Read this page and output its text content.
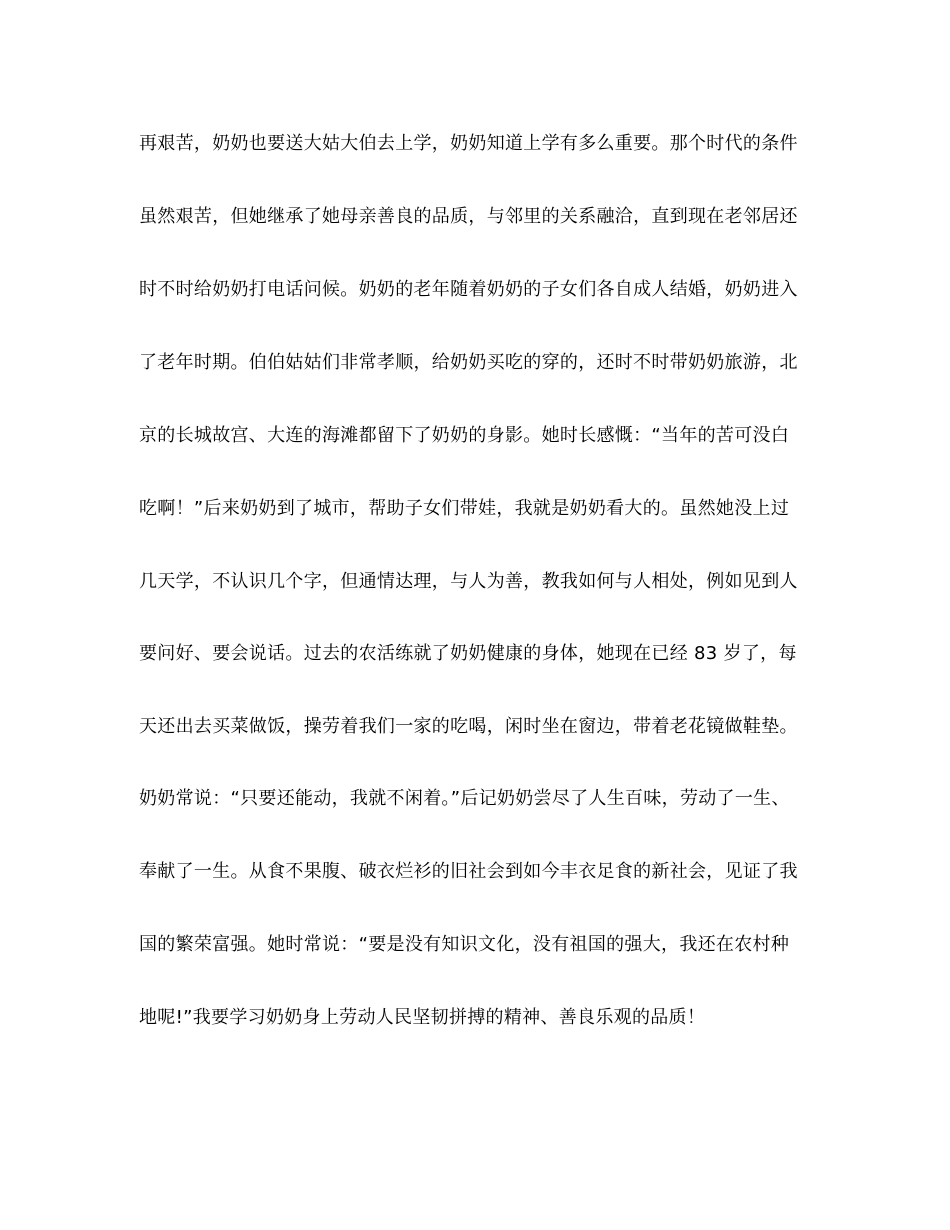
再艰苦，奶奶也要送大姑大伯去上学，奶奶知道上学有多么重要。那个时代的条件

虽然艰苦，但她继承了她母亲善良的品质，与邻里的关系融洽，直到现在老邻居还

时不时给奶奶打电话问候。奶奶的老年随着奶奶的子女们各自成人结婚，奶奶进入

了老年时期。伯伯姑姑们非常孝顺，给奶奶买吃的穿的，还时不时带奶奶旅游，北

京的长城故宫、大连的海滩都留下了奶奶的身影。她时长感慨：“当年的苦可没白

吃啊！”后来奶奶到了城市，帮助子女们带娃，我就是奶奶看大的。虽然她没上过

几天学，不认识几个字，但通情达理，与人为善，教我如何与人相处，例如见到人

要问好、要会说话。过去的农活练就了奶奶健康的身体，她现在已经 83 岁了，每

天还出去买菜做饭，操劳着我们一家的吃喝，闲时坐在窗边，带着老花镜做鞋垫。

奶奶常说：“只要还能动，我就不闲着。”后记奶奶尝尽了人生百味，劳动了一生、

奉献了一生。从食不果腹、破衣烂衫的旧社会到如今丰衣足食的新社会，见证了我

国的繁荣富强。她时常说：“要是没有知识文化，没有祖国的强大，我还在农村种

地呢!”我要学习奶奶身上劳动人民坚韧拼搏的精神、善良乐观的品质！
